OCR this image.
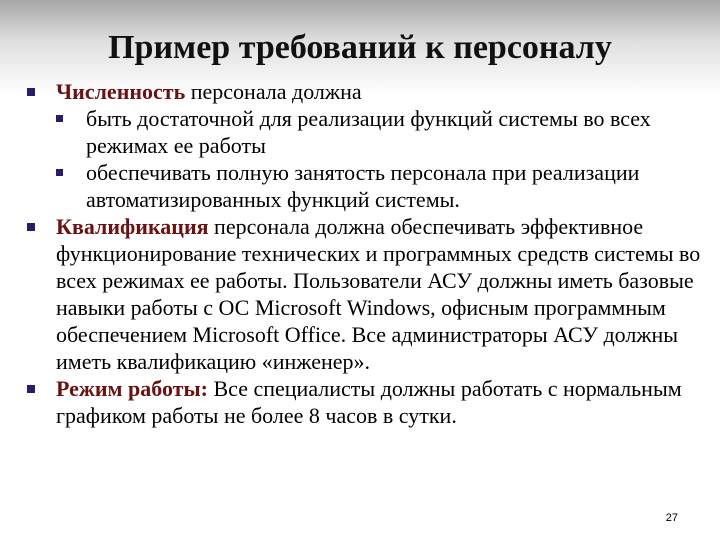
Пример требований к персоналу
Численность персонала должна
быть достаточной для реализации функций системы во всех режимах ее работы
обеспечивать полную занятость персонала при реализации автоматизированных функций системы.
Квалификация персонала должна обеспечивать эффективное функционирование технических и программных средств системы во всех режимах ее работы. Пользователи АСУ должны иметь базовые навыки работы с ОС Microsoft Windows, офисным программным обеспечением Microsoft Office. Все администраторы АСУ должны иметь квалификацию «инженер».
Режим работы: Все специалисты должны работать с нормальным графиком работы не более 8 часов в сутки.
27
